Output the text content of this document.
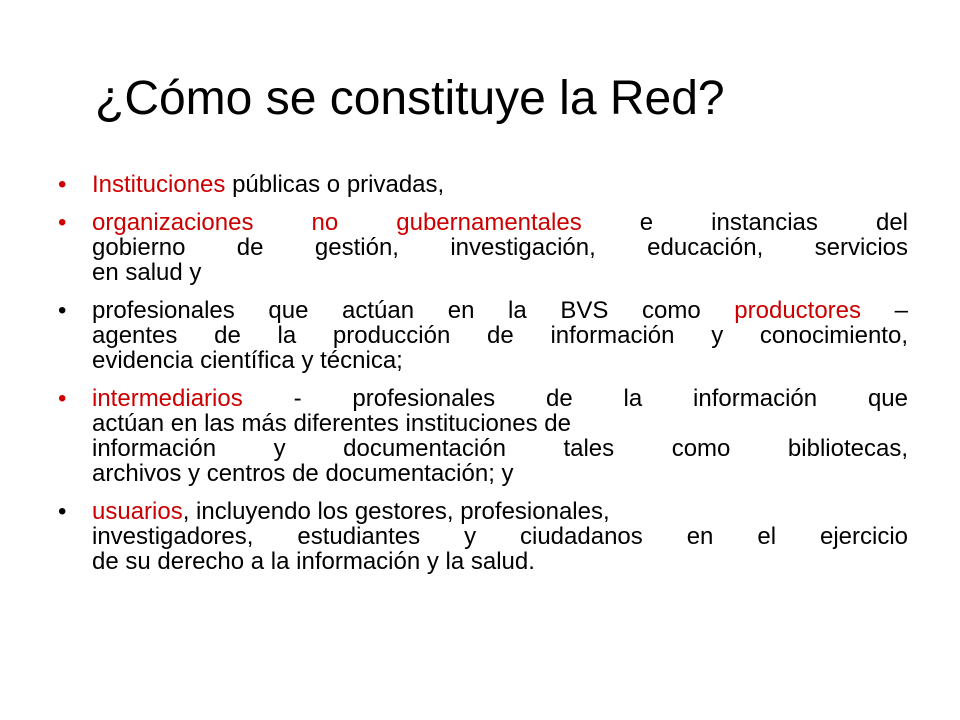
¿Cómo se constituye la Red?
• Instituciones públicas o privadas,
• organizaciones no gubernamentales e instancias del
gobierno de gestión, investigación, educación, servicios
en salud y
• profesionales que actúan en la BVS como productores –
agentes de la producción de información y conocimiento,
evidencia científica y técnica;
• intermediarios - profesionales de la información que
actúan en las más diferentes instituciones de
información y documentación tales como bibliotecas,
archivos y centros de documentación; y
• usuarios, incluyendo los gestores, profesionales,
investigadores, estudiantes y ciudadanos en el ejercicio
de su derecho a la información y la salud.
